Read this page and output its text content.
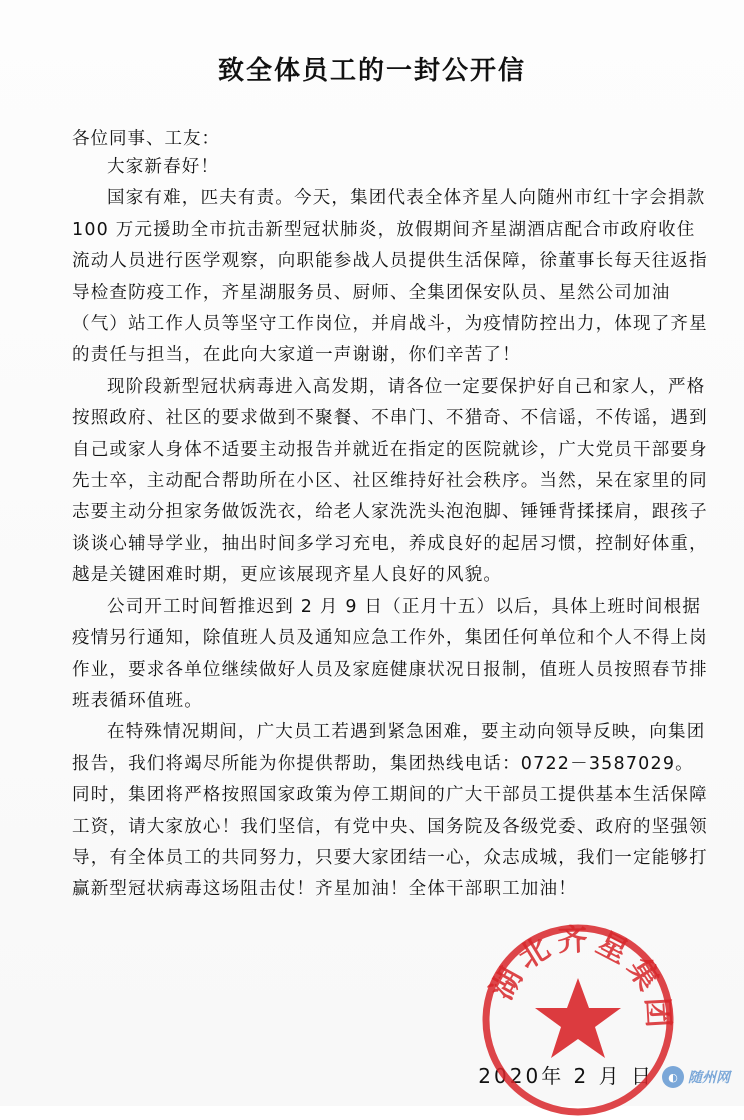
致全体员工的一封公开信
各位同事、工友：

大家新春好！

国家有难，匹夫有责。今天，集团代表全体齐星人向随州市红十字会捐款 100 万元援助全市抗击新型冠状肺炎，放假期间齐星湖酒店配合市政府收住流动人员进行医学观察，向职能参战人员提供生活保障，徐董事长每天往返指导检查防疫工作，齐星湖服务员、厨师、全集团保安队员、星然公司加油（气）站工作人员等坚守工作岗位，并肩战斗，为疫情防控出力，体现了齐星的责任与担当，在此向大家道一声谢谢，你们辛苦了！

现阶段新型冠状病毒进入高发期，请各位一定要保护好自己和家人，严格按照政府、社区的要求做到不聚餐、不串门、不猎奇、不信谣，不传谣，遇到自己或家人身体不适要主动报告并就近在指定的医院就诊，广大党员干部要身先士卒，主动配合帮助所在小区、社区维持好社会秩序。当然，呆在家里的同志要主动分担家务做饭洗衣，给老人家洗洗头泡泡脚、锤锤背揉揉肩，跟孩子谈谈心辅导学业，抽出时间多学习充电，养成良好的起居习惯，控制好体重，越是关键困难时期，更应该展现齐星人良好的风貌。

公司开工时间暂推迟到 2 月 9 日（正月十五）以后，具体上班时间根据疫情另行通知，除值班人员及通知应急工作外，集团任何单位和个人不得上岗作业，要求各单位继续做好人员及家庭健康状况日报制，值班人员按照春节排班表循环值班。

在特殊情况期间，广大员工若遇到紧急困难，要主动向领导反映，向集团报告，我们将竭尽所能为你提供帮助，集团热线电话：0722－3587029。同时，集团将严格按照国家政策为停工期间的广大干部员工提供基本生活保障工资，请大家放心！我们坚信，有党中央、国务院及各级党委、政府的坚强领导，有全体员工的共同努力，只要大家团结一心，众志成城，我们一定能够打赢新型冠状病毒这场阻击仗！齐星加油！全体干部职工加油！

2020年 2 月 日
湖北齐星集团
◐ 随州网
